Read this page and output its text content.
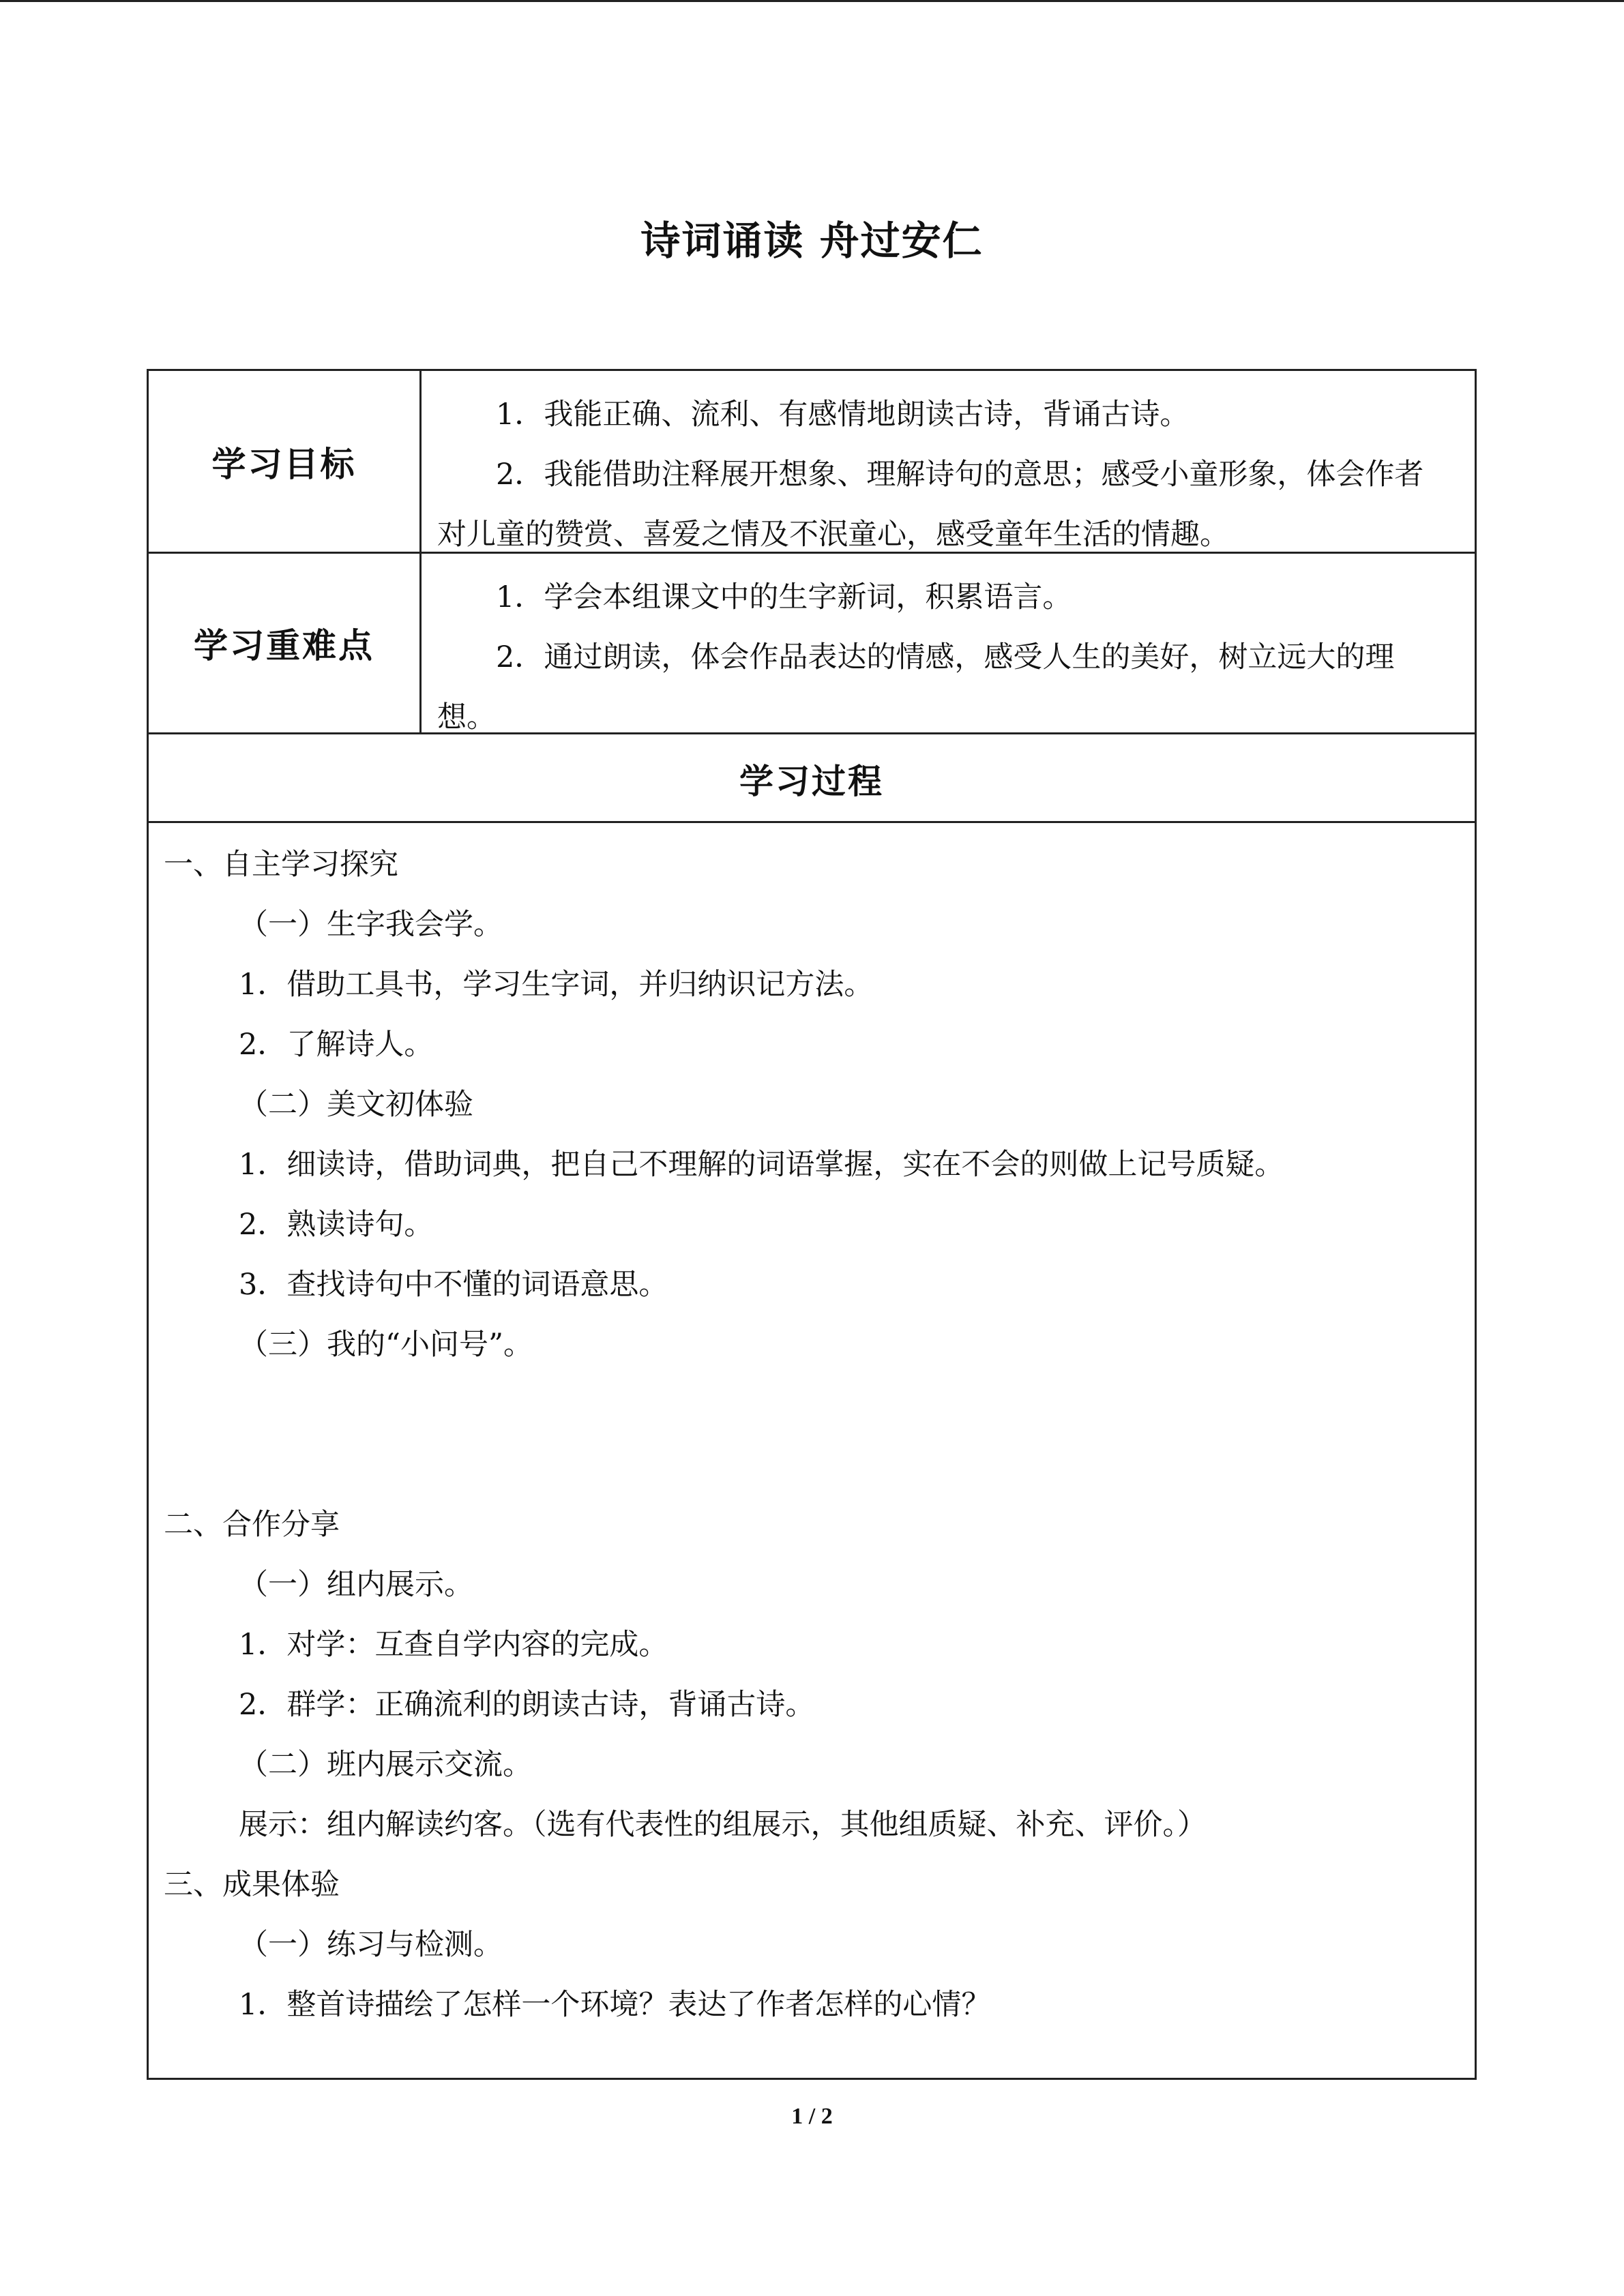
诗词诵读 舟过安仁
学习目标

1．我能正确、流利、有感情地朗读古诗，背诵古诗。

2．我能借助注释展开想象、理解诗句的意思；感受小童形象，体会作者对儿童的赞赏、喜爱之情及不泯童心，感受童年生活的情趣。

学习重难点

1．学会本组课文中的生字新词，积累语言。

2．通过朗读，体会作品表达的情感，感受人生的美好，树立远大的理想。

学习过程
一、自主学习探究
（一）生字我会学。
1．借助工具书，学习生字词，并归纳识记方法。
2．了解诗人。
（二）美文初体验
1．细读诗，借助词典，把自己不理解的词语掌握，实在不会的则做上记号质疑。
2．熟读诗句。
3．查找诗句中不懂的词语意思。
（三）我的“小问号”。
二、合作分享
（一）组内展示。
1．对学：互查自学内容的完成。
2．群学：正确流利的朗读古诗，背诵古诗。
（二）班内展示交流。
展示：组内解读约客。（选有代表性的组展示，其他组质疑、补充、评价。）
三、成果体验
（一）练习与检测。
1．整首诗描绘了怎样一个环境？表达了作者怎样的心情？
1 / 2
